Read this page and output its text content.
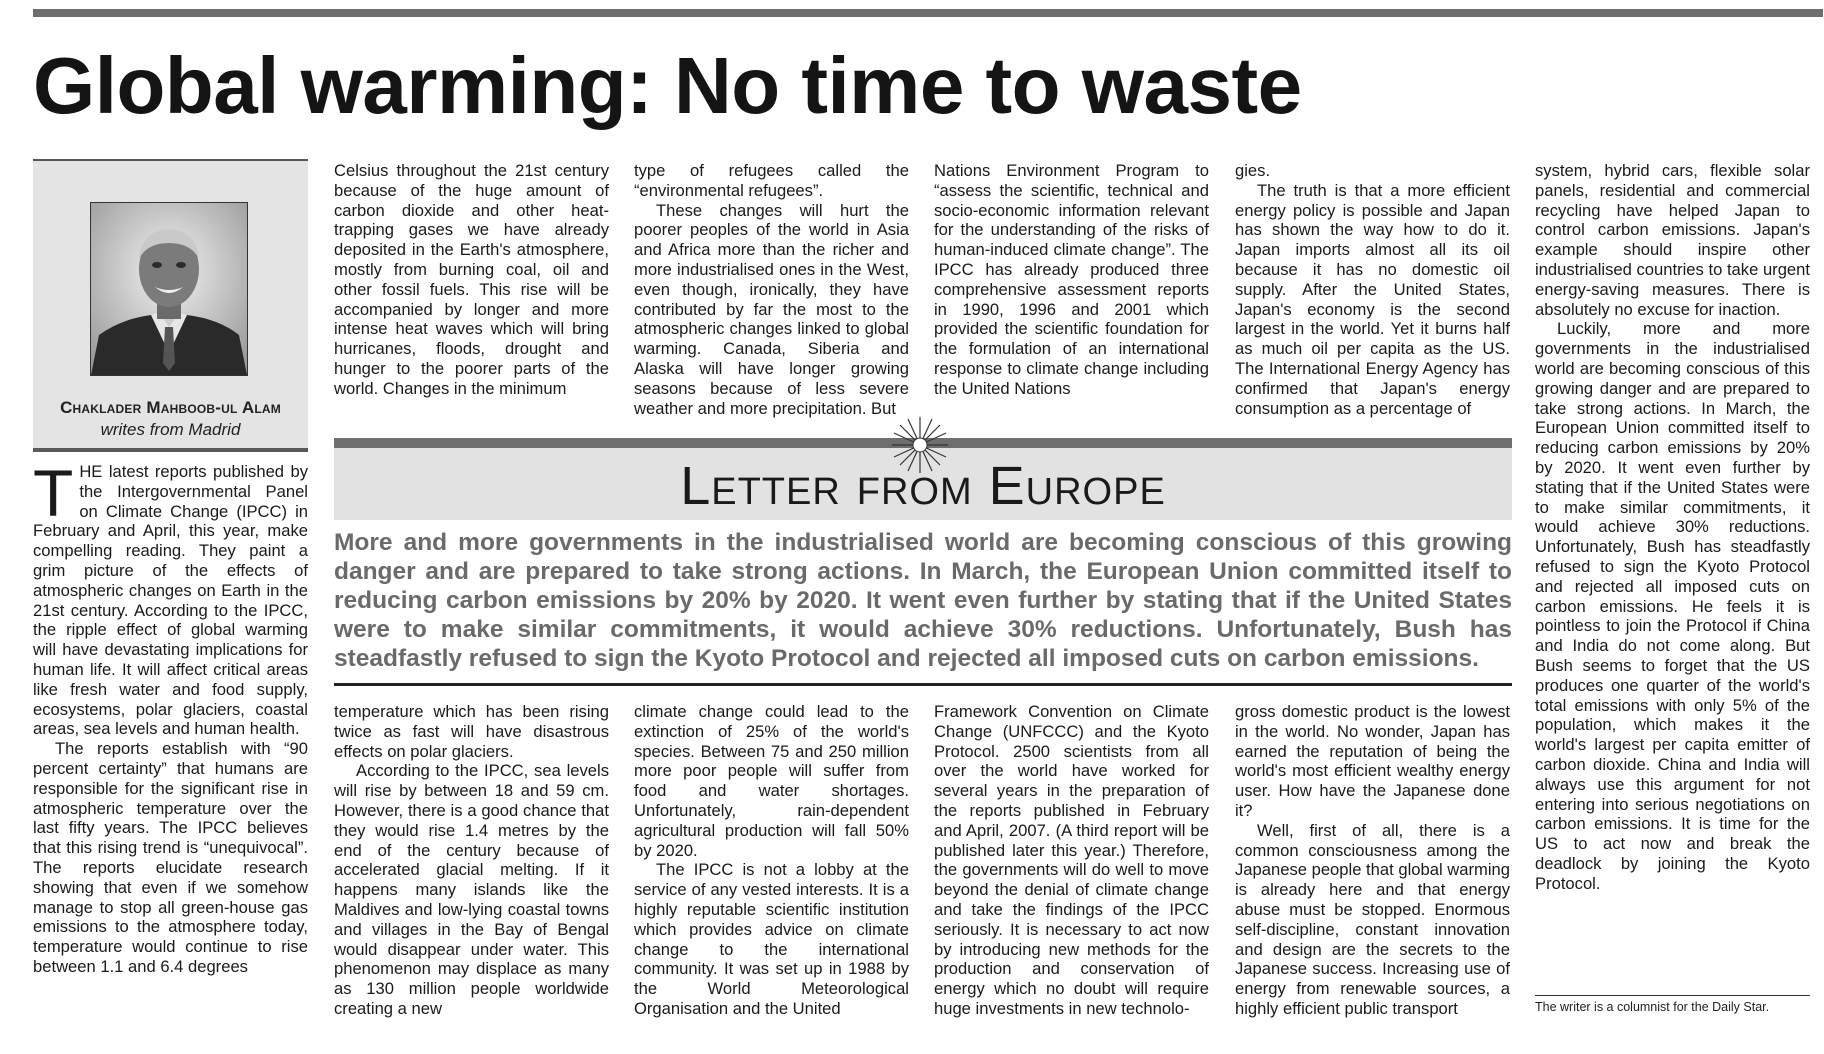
Global warming: No time to waste
Chaklader Mahboob-ul Alam
writes from Madrid
T HE latest reports published by the Intergovernmental Panel on Climate Change (IPCC) in February and April, this year, make compelling reading. They paint a grim picture of the effects of atmospheric changes on Earth in the 21st century. According to the IPCC, the ripple effect of global warming will have devastating implications for human life. It will affect critical areas like fresh water and food supply, ecosystems, polar glaciers, coastal areas, sea levels and human health.
The reports establish with “90 percent certainty” that humans are responsible for the significant rise in atmospheric temperature over the last fifty years. The IPCC believes that this rising trend is “unequivocal”. The reports elucidate research showing that even if we somehow manage to stop all green-house gas emissions to the atmosphere today, temperature would continue to rise between 1.1 and 6.4 degrees
Celsius throughout the 21st century because of the huge amount of carbon dioxide and other heat-trapping gases we have already deposited in the Earth's atmosphere, mostly from burning coal, oil and other fossil fuels. This rise will be accompanied by longer and more intense heat waves which will bring hurricanes, floods, drought and hunger to the poorer parts of the world. Changes in the minimum
type of refugees called the “environmental refugees”.
These changes will hurt the poorer peoples of the world in Asia and Africa more than the richer and more industrialised ones in the West, even though, ironically, they have contributed by far the most to the atmospheric changes linked to global warming. Canada, Siberia and Alaska will have longer growing seasons because of less severe weather and more precipitation. But
Nations Environment Program to “assess the scientific, technical and socio-economic information relevant for the understanding of the risks of human-induced climate change”. The IPCC has already produced three comprehensive assessment reports in 1990, 1996 and 2001 which provided the scientific foundation for the formulation of an international response to climate change including the United Nations
gies.
The truth is that a more efficient energy policy is possible and Japan has shown the way how to do it. Japan imports almost all its oil because it has no domestic oil supply. After the United States, Japan's economy is the second largest in the world. Yet it burns half as much oil per capita as the US. The International Energy Agency has confirmed that Japan's energy consumption as a percentage of
Letter from Europe

More and more governments in the industrialised world are becoming conscious of this growing danger and are prepared to take strong actions. In March, the European Union committed itself to reducing carbon emissions by 20% by 2020. It went even further by stating that if the United States were to make similar commitments, it would achieve 30% reductions. Unfortunately, Bush has steadfastly refused to sign the Kyoto Protocol and rejected all imposed cuts on carbon emissions.

temperature which has been rising twice as fast will have disastrous effects on polar glaciers.
According to the IPCC, sea levels will rise by between 18 and 59 cm. However, there is a good chance that they would rise 1.4 metres by the end of the century because of accelerated glacial melting. If it happens many islands like the Maldives and low-lying coastal towns and villages in the Bay of Bengal would disappear under water. This phenomenon may displace as many as 130 million people worldwide creating a new
climate change could lead to the extinction of 25% of the world's species. Between 75 and 250 million more poor people will suffer from food and water shortages. Unfortunately, rain-dependent agricultural production will fall 50% by 2020.
The IPCC is not a lobby at the service of any vested interests. It is a highly reputable scientific institution which provides advice on climate change to the international community. It was set up in 1988 by the World Meteorological Organisation and the United
Framework Convention on Climate Change (UNFCCC) and the Kyoto Protocol. 2500 scientists from all over the world have worked for several years in the preparation of the reports published in February and April, 2007. (A third report will be published later this year.) Therefore, the governments will do well to move beyond the denial of climate change and take the findings of the IPCC seriously. It is necessary to act now by introducing new methods for the production and conservation of energy which no doubt will require huge investments in new technolo-
gross domestic product is the lowest in the world. No wonder, Japan has earned the reputation of being the world's most efficient wealthy energy user. How have the Japanese done it?
Well, first of all, there is a common consciousness among the Japanese people that global warming is already here and that energy abuse must be stopped. Enormous self-discipline, constant innovation and design are the secrets to the Japanese success. Increasing use of energy from renewable sources, a highly efficient public transport
system, hybrid cars, flexible solar panels, residential and commercial recycling have helped Japan to control carbon emissions. Japan's example should inspire other industrialised countries to take urgent energy-saving measures. There is absolutely no excuse for inaction.
Luckily, more and more governments in the industrialised world are becoming conscious of this growing danger and are prepared to take strong actions. In March, the European Union committed itself to reducing carbon emissions by 20% by 2020. It went even further by stating that if the United States were to make similar commitments, it would achieve 30% reductions. Unfortunately, Bush has steadfastly refused to sign the Kyoto Protocol and rejected all imposed cuts on carbon emissions. He feels it is pointless to join the Protocol if China and India do not come along. But Bush seems to forget that the US produces one quarter of the world's total emissions with only 5% of the population, which makes it the world's largest per capita emitter of carbon dioxide. China and India will always use this argument for not entering into serious negotiations on carbon emissions. It is time for the US to act now and break the deadlock by joining the Kyoto Protocol.

The writer is a columnist for the Daily Star.
